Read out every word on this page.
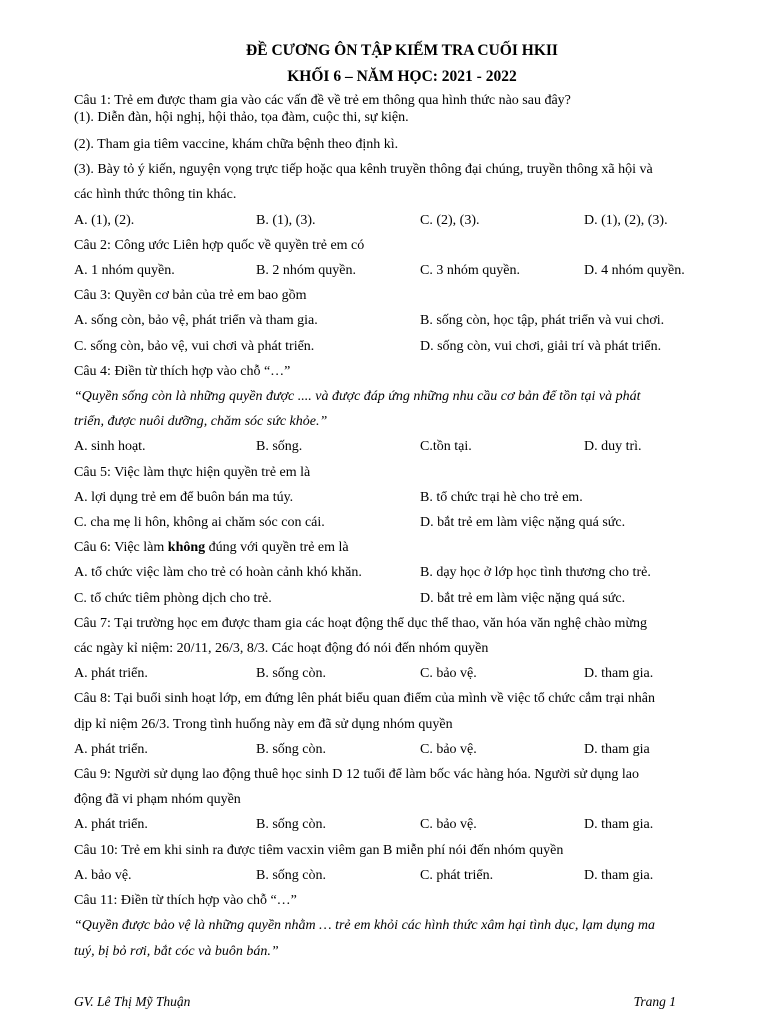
ĐỀ CƯƠNG ÔN TẬP KIẾM TRA CUỐI HKII

KHỐI 6 – NĂM HỌC: 2021 - 2022

Câu 1: Trẻ em được tham gia vào các vấn đề về trẻ em thông qua hình thức nào sau đây?

(1). Diễn đàn, hội nghị, hội thảo, tọa đàm, cuộc thi, sự kiện.

(2). Tham gia tiêm vaccine, khám chữa bệnh theo định kì.

(3). Bày tỏ ý kiến, nguyện vọng trực tiếp hoặc qua kênh truyền thông đại chúng, truyền thông xã hội và

các hình thức thông tin khác.

A. (1), (2).	B. (1), (3).	C. (2), (3).	D. (1), (2), (3).

Câu 2: Công ước Liên hợp quốc về quyền trẻ em có

A. 1 nhóm quyền.	B. 2 nhóm quyền.	C. 3 nhóm quyền.	D. 4 nhóm quyền.

Câu 3: Quyền cơ bản của trẻ em bao gồm

A. sống còn, bảo vệ, phát triển và tham gia.	B. sống còn, học tập, phát triển và vui chơi.
C. sống còn, bảo vệ, vui chơi và phát triển.	D. sống còn, vui chơi, giải trí và phát triển.

Câu 4: Điền từ thích hợp vào chỗ “…”

“Quyền sống còn là những quyền được .... và được đáp ứng những nhu cầu cơ bản để tồn tại và phát

triển, được nuôi dưỡng, chăm sóc sức khỏe.”

A. sinh hoạt.	B. sống.	C.tồn tại.	D. duy trì.

Câu 5: Việc làm thực hiện quyền trẻ em là

A. lợi dụng trẻ em để buôn bán ma túy.	B. tổ chức trại hè cho trẻ em.
C. cha mẹ li hôn, không ai chăm sóc con cái.	D. bắt trẻ em làm việc nặng quá sức.

Câu 6: Việc làm không đúng với quyền trẻ em là

A. tổ chức việc làm cho trẻ có hoàn cảnh khó khăn.	B. dạy học ở lớp học tình thương cho trẻ.
C. tổ chức tiêm phòng dịch cho trẻ.	D. bắt trẻ em làm việc nặng quá sức.

Câu 7: Tại trường học em được tham gia các hoạt động thể dục thể thao, văn hóa văn nghệ chào mừng

các ngày kỉ niệm: 20/11, 26/3, 8/3. Các hoạt động đó nói đến nhóm quyền

A. phát triển.	B. sống còn.	C. bảo vệ.	D. tham gia.

Câu 8: Tại buổi sinh hoạt lớp, em đứng lên phát biểu quan điểm của mình về việc tổ chức cắm trại nhân

dịp kỉ niệm 26/3. Trong tình huống này em đã sử dụng nhóm quyền

A. phát triển.	B. sống còn.	C. bảo vệ.	D. tham gia

Câu 9: Người sử dụng lao động thuê học sinh D 12 tuổi để làm bốc vác hàng hóa. Người sử dụng lao

động đã vi phạm nhóm quyền

A. phát triển.	B. sống còn.	C. bảo vệ.	D. tham gia.

Câu 10: Trẻ em khi sinh ra được tiêm vacxin viêm gan B miễn phí nói đến nhóm quyền

A. bảo vệ.	B. sống còn.	C. phát triển.	D. tham gia.

Câu 11: Điền từ thích hợp vào chỗ “…”

“Quyền được bảo vệ là những quyền nhằm … trẻ em khỏi các hình thức xâm hại tình dục, lạm dụng ma

tuý, bị bỏ rơi, bắt cóc và buôn bán.”

GV. Lê Thị Mỹ Thuận	Trang 1
